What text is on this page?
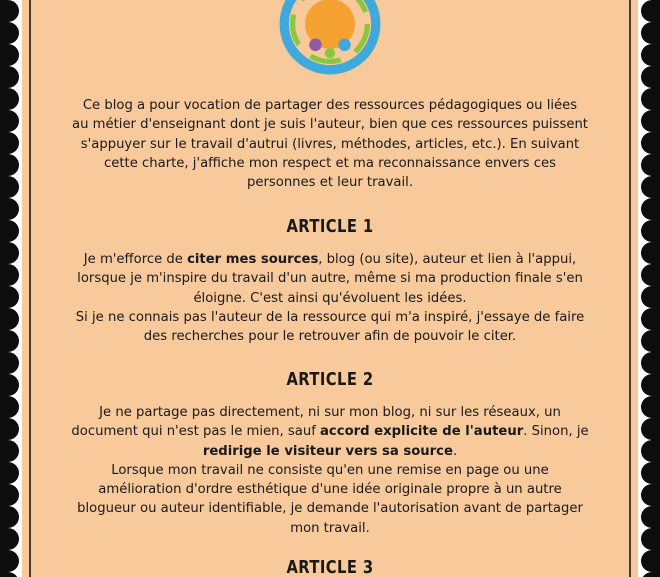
Ce blog a pour vocation de partager des ressources pédagogiques ou liées
au métier d'enseignant dont je suis l'auteur, bien que ces ressources puissent
s'appuyer sur le travail d'autrui (livres, méthodes, articles, etc.). En suivant
cette charte, j'affiche mon respect et ma reconnaissance envers ces
personnes et leur travail.

ARTICLE 1

Je m'efforce de citer mes sources, blog (ou site), auteur et lien à l'appui,
lorsque je m'inspire du travail d'un autre, même si ma production finale s'en
éloigne. C'est ainsi qu'évoluent les idées.
Si je ne connais pas l'auteur de la ressource qui m'a inspiré, j'essaye de faire
des recherches pour le retrouver afin de pouvoir le citer.

ARTICLE 2

Je ne partage pas directement, ni sur mon blog, ni sur les réseaux, un
document qui n'est pas le mien, sauf accord explicite de l'auteur. Sinon, je
redirige le visiteur vers sa source.
Lorsque mon travail ne consiste qu'en une remise en page ou une
amélioration d'ordre esthétique d'une idée originale propre à un autre
blogueur ou auteur identifiable, je demande l'autorisation avant de partager
mon travail.

ARTICLE 3
